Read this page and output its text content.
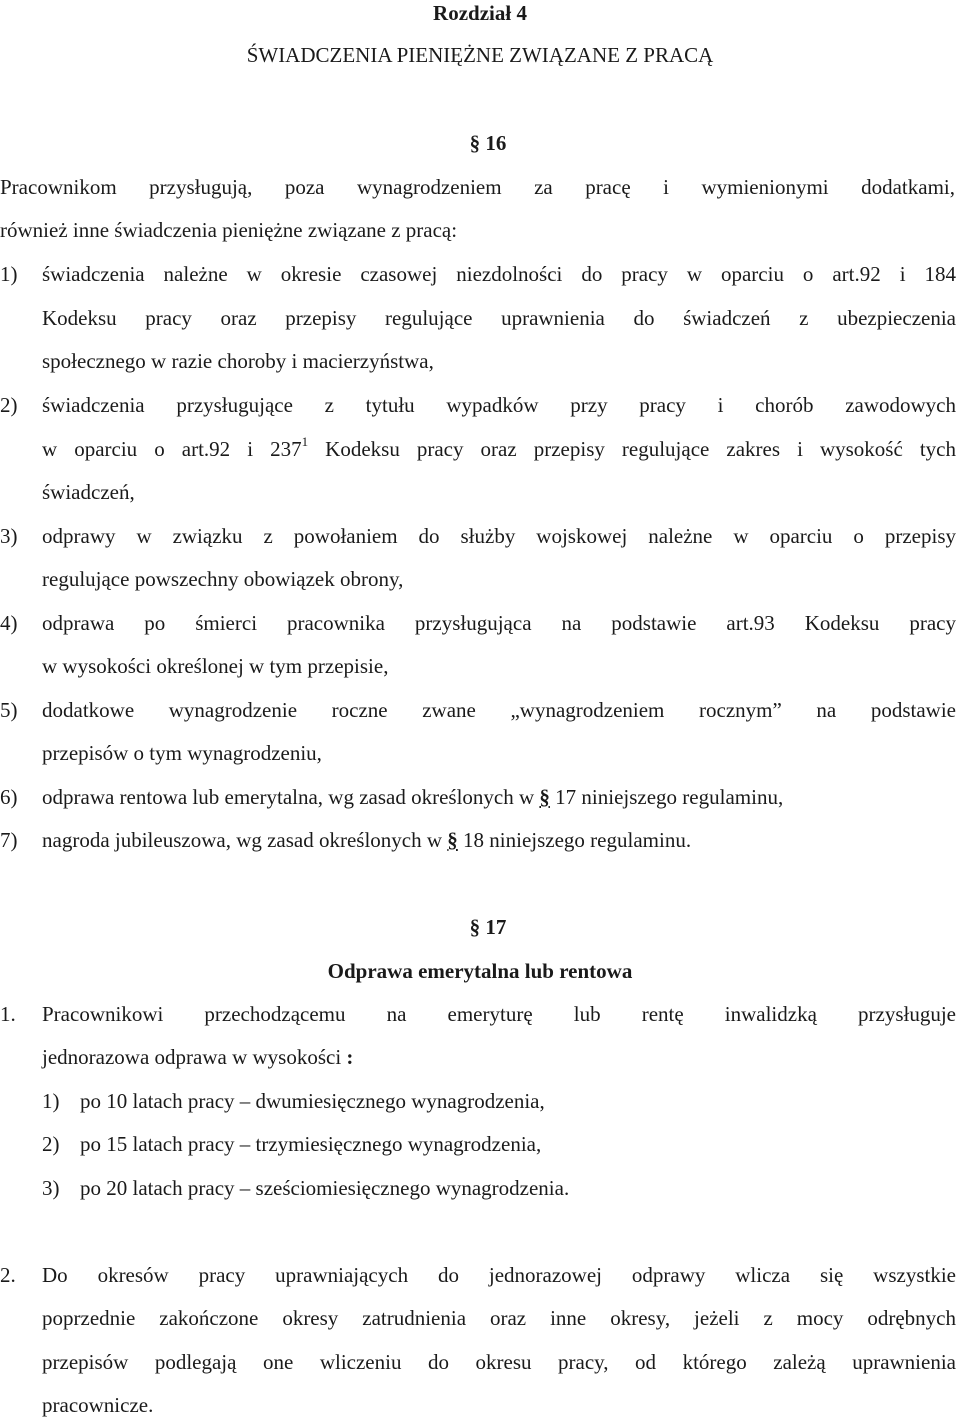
Rozdział 4
ŚWIADCZENIA PIENIĘŻNE ZWIĄZANE Z PRACĄ
§ 16
Pracownikom przysługują, poza wynagrodzeniem za pracę i wymienionymi dodatkami,
również inne świadczenia pieniężne związane z pracą:
1) świadczenia należne w okresie czasowej niezdolności do pracy w oparciu o art.92 i 184
Kodeksu pracy oraz przepisy regulujące uprawnienia do świadczeń z ubezpieczenia
społecznego w razie choroby i macierzyństwa,
2) świadczenia przysługujące z tytułu wypadków przy pracy i chorób zawodowych
w oparciu o art.92 i $237^1$ Kodeksu pracy oraz przepisy regulujące zakres i wysokość tych
świadczeń,
3) odprawy w związku z powołaniem do służby wojskowej należne w oparciu o przepisy
regulujące powszechny obowiązek obrony,
4) odprawa po śmierci pracownika przysługująca na podstawie art.93 Kodeksu pracy
w wysokości określonej w tym przepisie,
5) dodatkowe wynagrodzenie roczne zwane „wynagrodzeniem rocznym” na podstawie
przepisów o tym wynagrodzeniu,
6) odprawa rentowa lub emerytalna, wg zasad określonych w § 17 niniejszego regulaminu,
7) nagroda jubileuszowa, wg zasad określonych w § 18 niniejszego regulaminu.
§ 17
Odprawa emerytalna lub rentowa
1. Pracownikowi przechodzącemu na emeryturę lub rentę inwalidzką przysługuje
jednorazowa odprawa w wysokości :
1) po 10 latach pracy – dwumiesięcznego wynagrodzenia,
2) po 15 latach pracy – trzymiesięcznego wynagrodzenia,
3) po 20 latach pracy – sześciomiesięcznego wynagrodzenia.
2. Do okresów pracy uprawniających do jednorazowej odprawy wlicza się wszystkie
poprzednie zakończone okresy zatrudnienia oraz inne okresy, jeżeli z mocy odrębnych
przepisów podlegają one wliczeniu do okresu pracy, od którego zależą uprawnienia
pracownicze.
